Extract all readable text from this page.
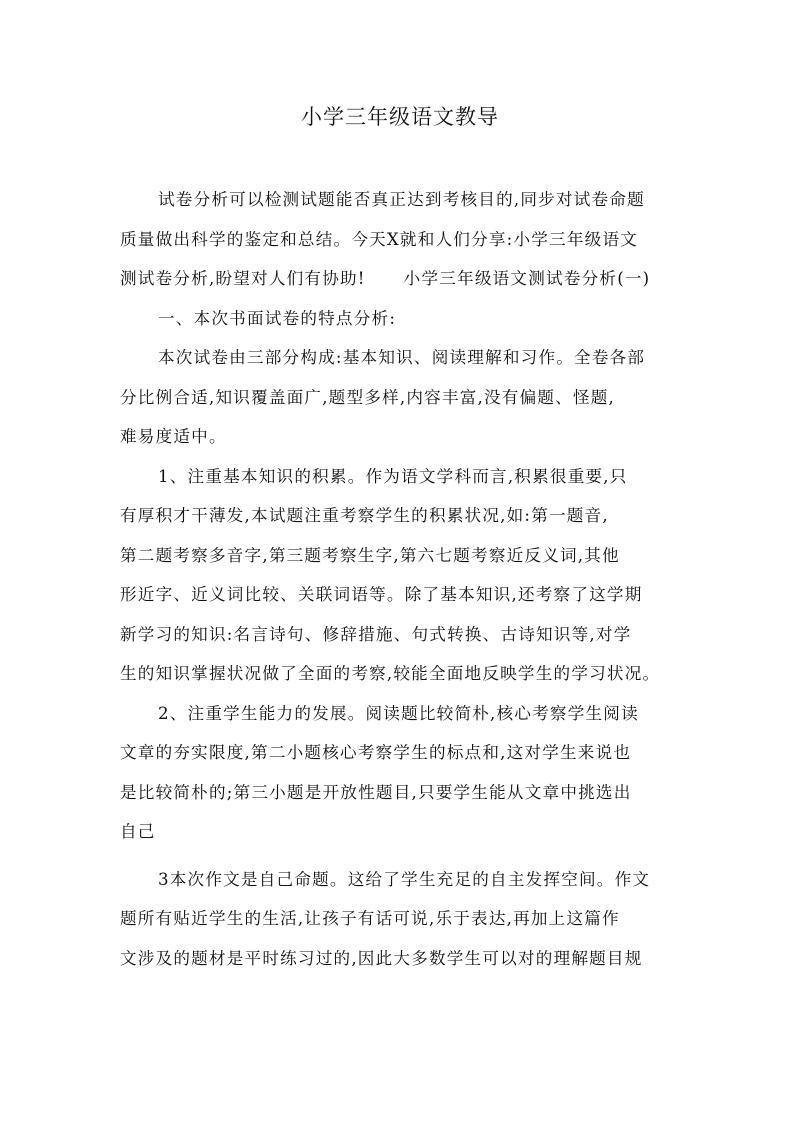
小学三年级语文教导
试卷分析可以检测试题能否真正达到考核目的,同步对试卷命题
质量做出科学的鉴定和总结。今天X就和人们分享:小学三年级语文
测试卷分析,盼望对人们有协助! 小学三年级语文测试卷分析(一)
一、本次书面试卷的特点分析:
本次试卷由三部分构成:基本知识、阅读理解和习作。全卷各部
分比例合适,知识覆盖面广,题型多样,内容丰富,没有偏题、怪题,
难易度适中。
1、注重基本知识的积累。作为语文学科而言,积累很重要,只
有厚积才干薄发,本试题注重考察学生的积累状况,如:第一题音,
第二题考察多音字,第三题考察生字,第六七题考察近反义词,其他
形近字、近义词比较、关联词语等。除了基本知识,还考察了这学期
新学习的知识:名言诗句、修辞措施、句式转换、古诗知识等,对学
生的知识掌握状况做了全面的考察,较能全面地反映学生的学习状况。
2、注重学生能力的发展。阅读题比较简朴,核心考察学生阅读
文章的夯实限度,第二小题核心考察学生的标点和,这对学生来说也
是比较简朴的;第三小题是开放性题目,只要学生能从文章中挑选出
自己
3本次作文是自己命题。这给了学生充足的自主发挥空间。作文
题所有贴近学生的生活,让孩子有话可说,乐于表达,再加上这篇作
文涉及的题材是平时练习过的,因此大多数学生可以对的理解题目规
